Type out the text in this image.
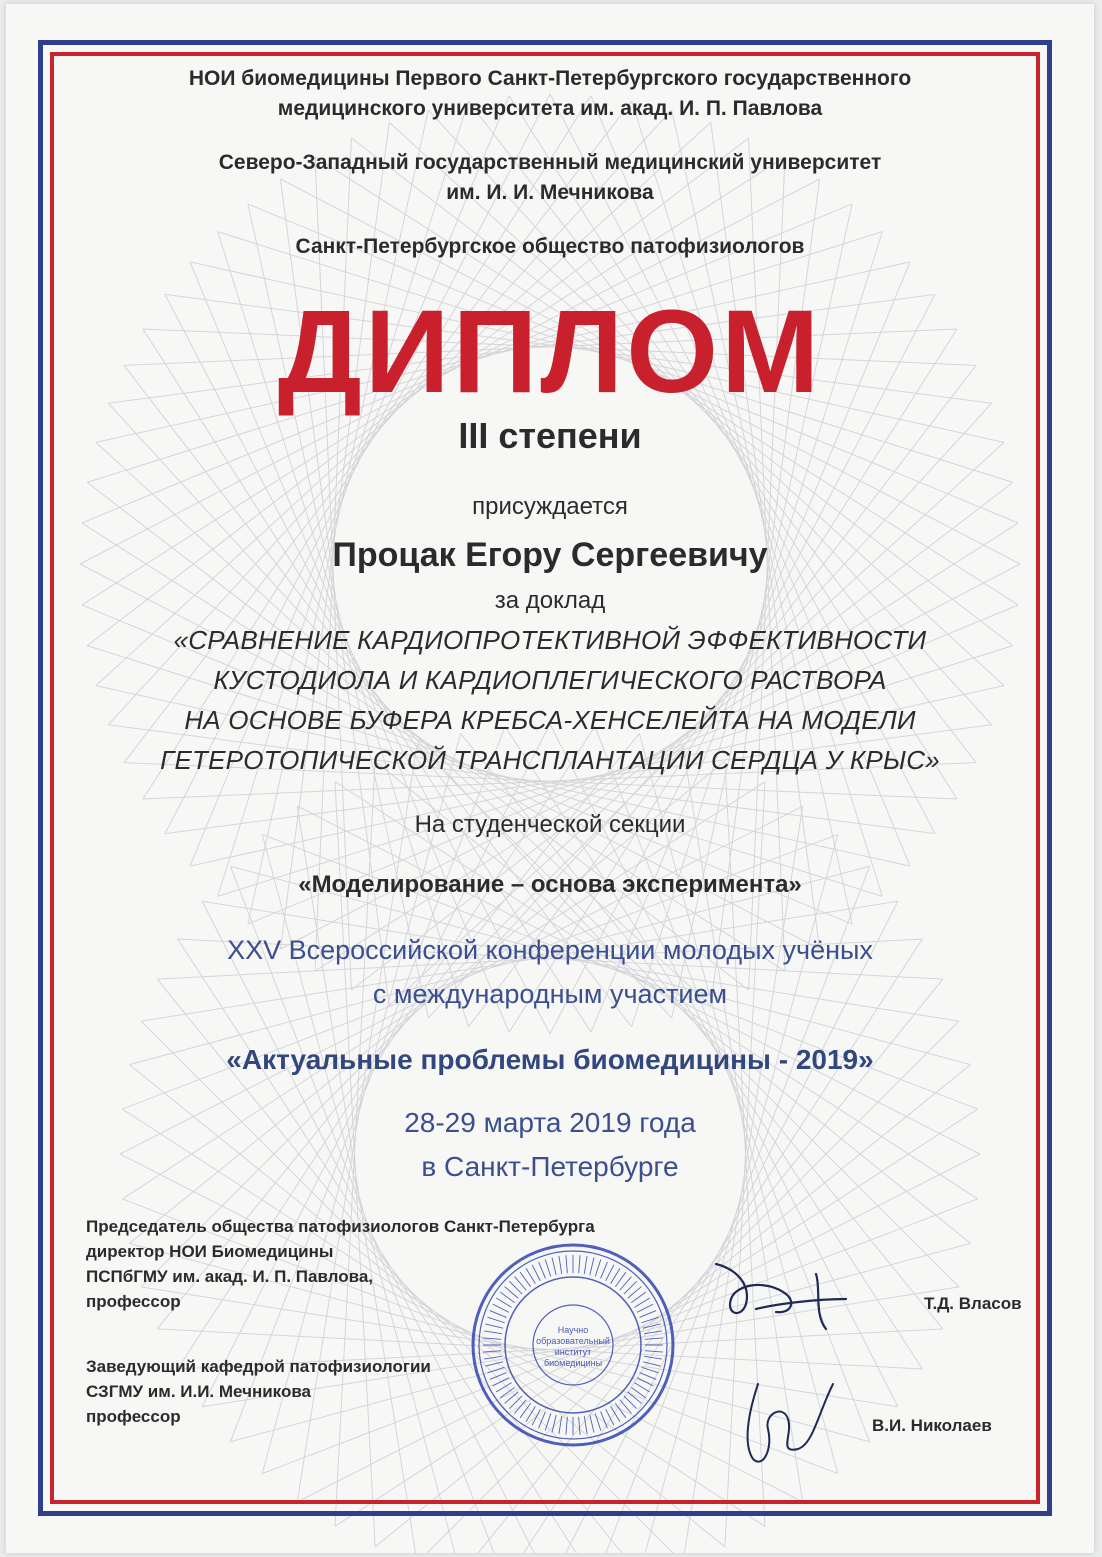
НОИ биомедицины Первого Санкт-Петербургского государственного
медицинского университета им. акад. И. П. Павлова
Северо-Западный государственный медицинский университет
им. И. И. Мечникова
Санкт-Петербургское общество патофизиологов
ДИПЛОМ
III степени
присуждается
Процак Егору Сергеевичу
за доклад
«СРАВНЕНИЕ КАРДИОПРОТЕКТИВНОЙ ЭФФЕКТИВНОСТИ
КУСТОДИОЛА И КАРДИОПЛЕГИЧЕСКОГО РАСТВОРА
НА ОСНОВЕ БУФЕРА КРЕБСА-ХЕНСЕЛЕЙТА НА МОДЕЛИ
ГЕТЕРОТОПИЧЕСКОЙ ТРАНСПЛАНТАЦИИ СЕРДЦА У КРЫС»
На студенческой секции
«Моделирование – основа эксперимента»
XXV Всероссийской конференции молодых учёных
с международным участием
«Актуальные проблемы биомедицины - 2019»
28-29 марта 2019 года
в Санкт-Петербурге
Председатель общества патофизиологов Санкт-Петербурга
директор НОИ Биомедицины
ПСПбГМУ им. акад. И. П. Павлова,
профессор	Т.Д. Власов
Заведующий кафедрой патофизиологии
СЗГМУ им. И.И. Мечникова
профессор	В.И. Николаев
Научно
образовательный
институт
биомедицины
